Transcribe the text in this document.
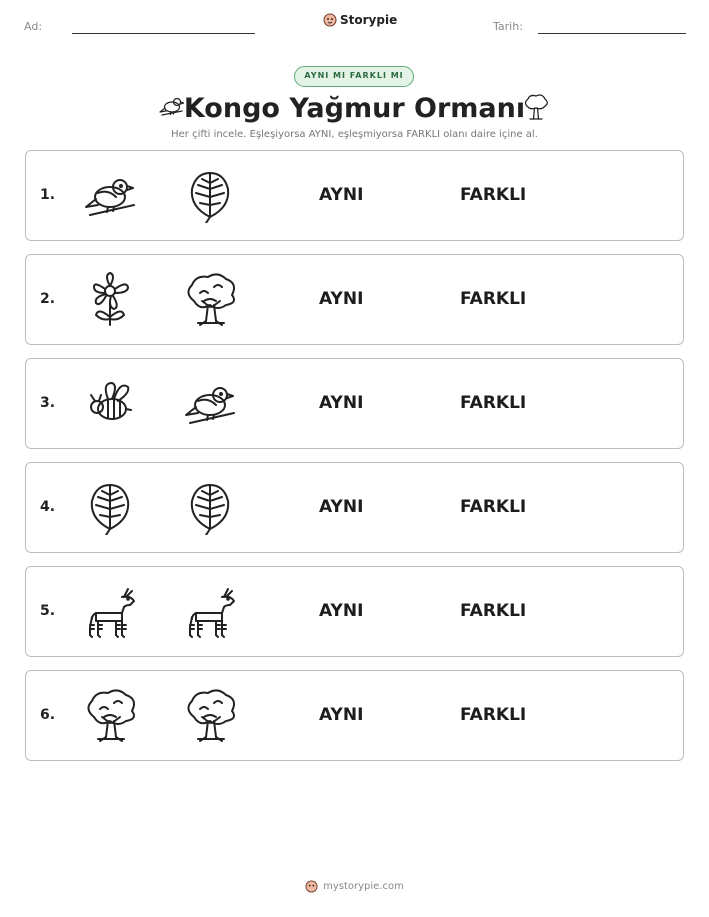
Ad:	Storypie	Tarih:
AYNI MI FARKLI MI
Kongo Yağmur Ormanı
Her çifti incele. Eşleşiyorsa AYNI, eşleşmiyorsa FARKLI olanı daire içine al.
1.	AYNI	FARKLI
2.	AYNI	FARKLI
3.	AYNI	FARKLI
4.	AYNI	FARKLI
5.	AYNI	FARKLI
6.	AYNI	FARKLI
mystorypie.com
